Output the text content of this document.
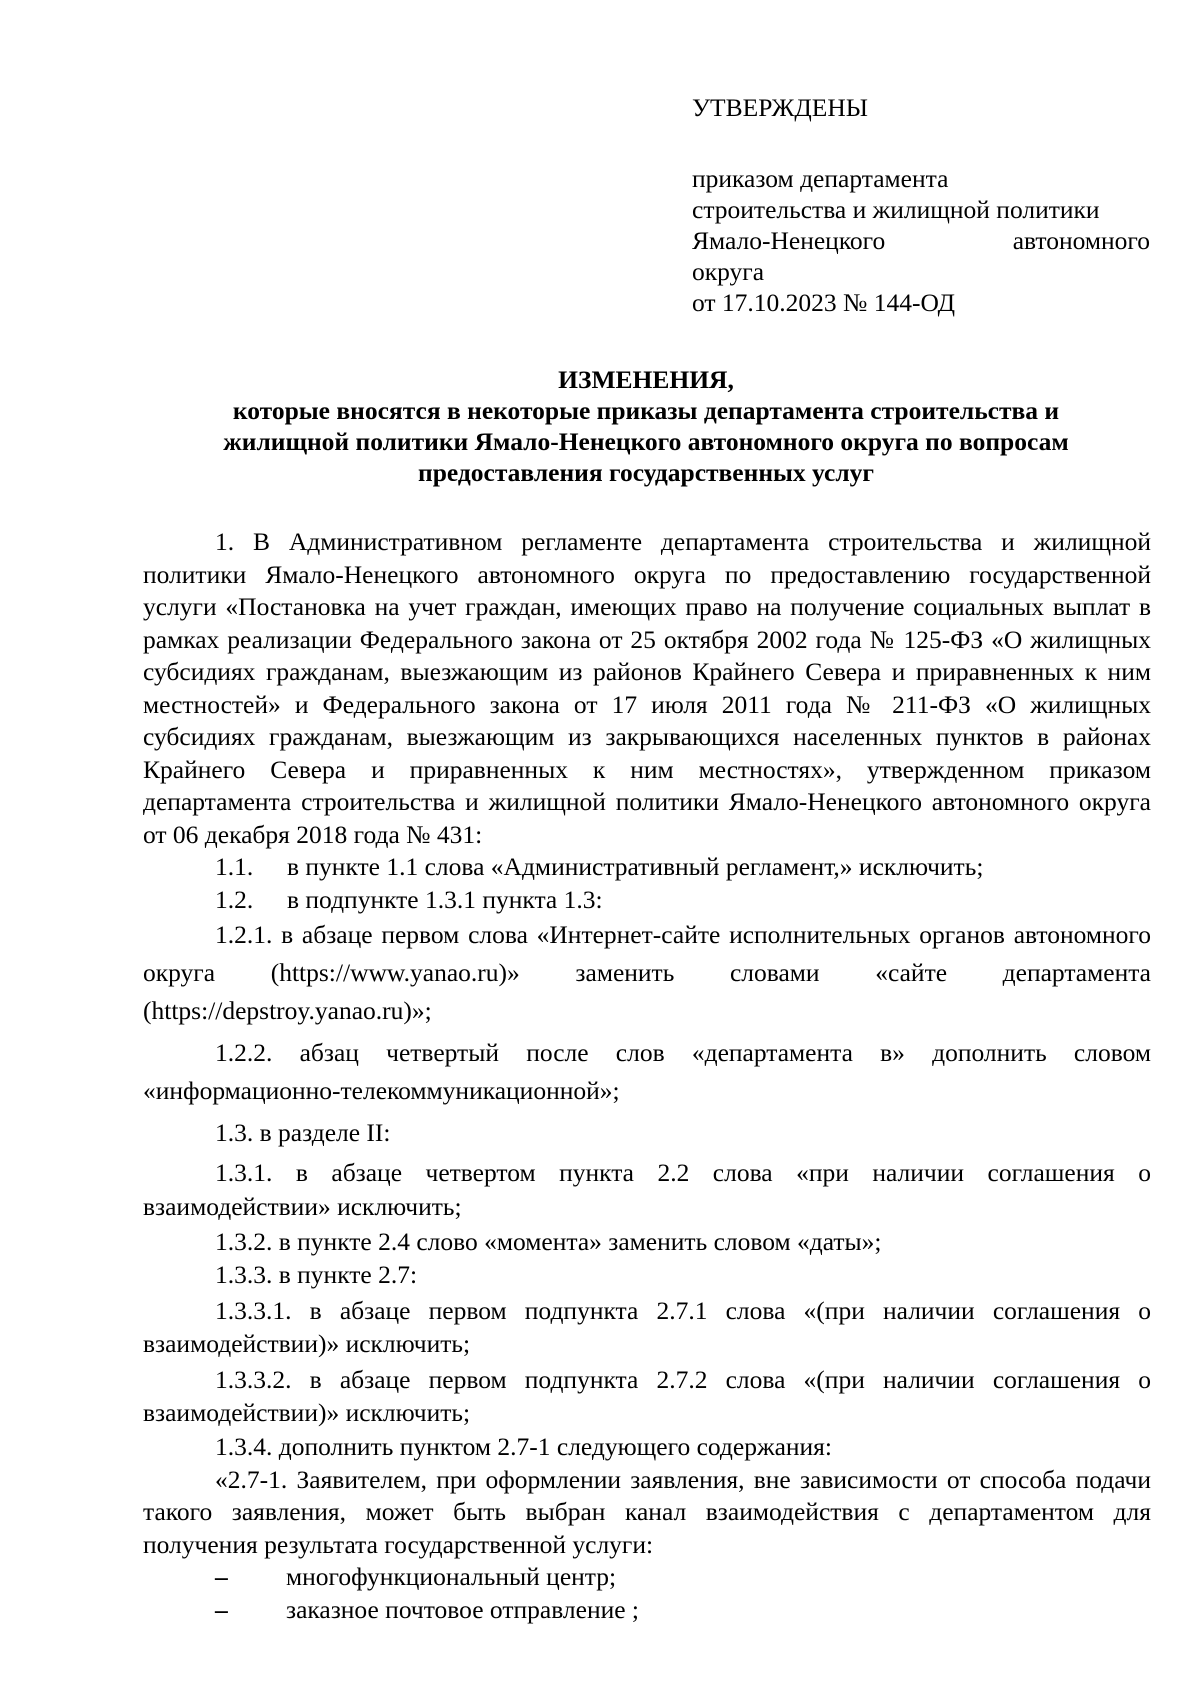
УТВЕРЖДЕНЫ
приказом департамента
строительства и жилищной политики
Ямало-Ненецкого	автономного
округа
от 17.10.2023 № 144-ОД
ИЗМЕНЕНИЯ,
которые вносятся в некоторые приказы департамента строительства и
жилищной политики Ямало-Ненецкого автономного округа по вопросам
предоставления государственных услуг

1. В Административном регламенте департамента строительства и жилищной политики Ямало-Ненецкого автономного округа по предоставлению государственной услуги «Постановка на учет граждан, имеющих право на получение социальных выплат в рамках реализации Федерального закона от 25 октября 2002 года № 125-ФЗ «О жилищных субсидиях гражданам, выезжающим из районов Крайнего Севера и приравненных к ним местностей» и Федерального закона от 17 июля 2011 года № 211-ФЗ «О жилищных субсидиях гражданам, выезжающим из закрывающихся населенных пунктов в районах Крайнего Севера и приравненных к ним местностях», утвержденном приказом департамента строительства и жилищной политики Ямало-Ненецкого автономного округа от 06 декабря 2018 года № 431:

1.1.	в пункте 1.1 слова «Административный регламент,» исключить;
1.2.	в подпункте 1.3.1 пункта 1.3:

1.2.1. в абзаце первом слова «Интернет-сайте исполнительных органов автономного округа (https://www.yanao.ru)» заменить словами «сайте департамента (https://depstroy.yanao.ru)»;

1.2.2. абзац четвертый после слов «департамента в» дополнить словом «информационно-телекоммуникационной»;

1.3. в разделе II:

1.3.1. в абзаце четвертом пункта 2.2 слова «при наличии соглашения о взаимодействии» исключить;

1.3.2. в пункте 2.4 слово «момента» заменить словом «даты»;

1.3.3. в пункте 2.7:

1.3.3.1. в абзаце первом подпункта 2.7.1 слова «(при наличии соглашения о взаимодействии)» исключить;

1.3.3.2. в абзаце первом подпункта 2.7.2 слова «(при наличии соглашения о взаимодействии)» исключить;

1.3.4. дополнить пунктом 2.7-1 следующего содержания:

«2.7-1. Заявителем, при оформлении заявления, вне зависимости от способа подачи такого заявления, может быть выбран канал взаимодействия с департаментом для получения результата государственной услуги:

–	многофункциональный центр;
–	заказное почтовое отправление ;
